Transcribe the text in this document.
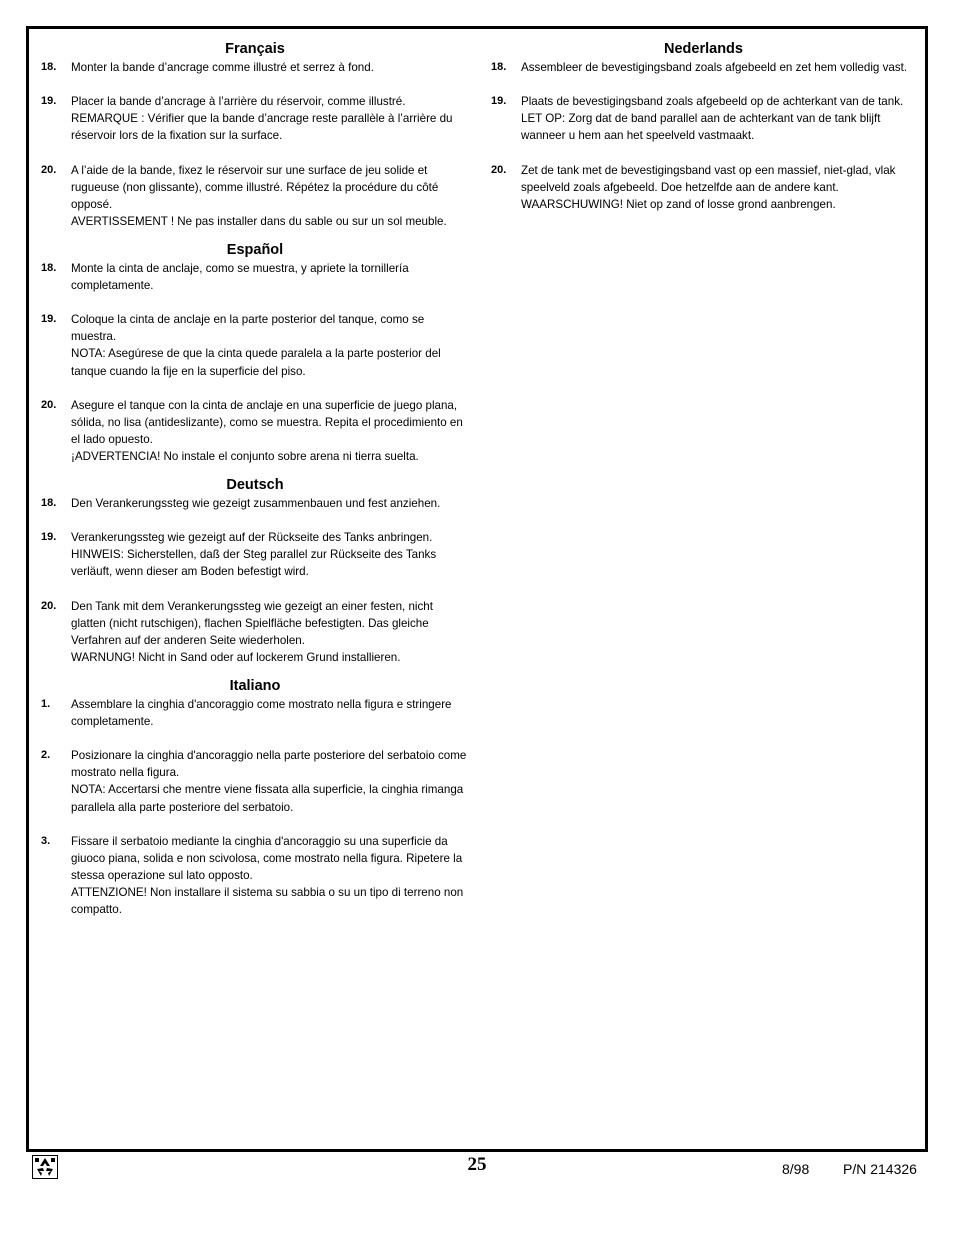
Français
18.	Monter la bande d’ancrage comme illustré et serrez à fond.

19.	Placer la bande d’ancrage à l’arrière du réservoir, comme illustré.

REMARQUE : Vérifier que la bande d’ancrage reste parallèle à l’arrière du réservoir lors de la fixation sur la surface.

20.	A l’aide de la bande, fixez le réservoir sur une surface de jeu solide et rugueuse (non glissante), comme illustré. Répétez la procédure du côté opposé.

AVERTISSEMENT ! Ne pas installer dans du sable ou sur un sol meuble.

Español
18.	Monte la cinta de anclaje, como se muestra, y apriete la tornillería completamente.

19.	Coloque la cinta de anclaje en la parte posterior del tanque, como se muestra.

NOTA: Asegúrese de que la cinta quede paralela a la parte posterior del tanque cuando la fije en la superficie del piso.

20.	Asegure el tanque con la cinta de anclaje en una superficie de juego plana, sólida, no lisa (antideslizante), como se muestra. Repita el procedimiento en el lado opuesto.

¡ADVERTENCIA! No instale el conjunto sobre arena ni tierra suelta.

Deutsch
18.	Den Verankerungssteg wie gezeigt zusammenbauen und fest anziehen.

19.	Verankerungssteg wie gezeigt auf der Rückseite des Tanks anbringen.

HINWEIS: Sicherstellen, daß der Steg parallel zur Rückseite des Tanks verläuft, wenn dieser am Boden befestigt wird.

20.	Den Tank mit dem Verankerungssteg wie gezeigt an einer festen, nicht glatten (nicht rutschigen), flachen Spielfläche befestigten. Das gleiche Verfahren auf der anderen Seite wiederholen.

WARNUNG! Nicht in Sand oder auf lockerem Grund installieren.

Italiano
1.	Assemblare la cinghia d'ancoraggio come mostrato nella figura e stringere completamente.

2.	Posizionare la cinghia d'ancoraggio nella parte posteriore del serbatoio come mostrato nella figura.

NOTA: Accertarsi che mentre viene fissata alla superficie, la cinghia rimanga parallela alla parte posteriore del serbatoio.

3.	Fissare il serbatoio mediante la cinghia d'ancoraggio su una superficie da giuoco piana, solida e non scivolosa, come mostrato nella figura. Ripetere la stessa operazione sul lato opposto.

ATTENZIONE! Non installare il sistema su sabbia o su un tipo di terreno non compatto.

Nederlands
18.	Assembleer de bevestigingsband zoals afgebeeld en zet hem volledig vast.

19.	Plaats de bevestigingsband zoals afgebeeld op de achterkant van de tank.

LET OP: Zorg dat de band parallel aan de achterkant van de tank blijft wanneer u hem aan het speelveld vastmaakt.

20.	Zet de tank met de bevestigingsband vast op een massief, niet-glad, vlak speelveld zoals afgebeeld. Doe hetzelfde aan de andere kant.

WAARSCHUWING! Niet op zand of losse grond aanbrengen.

25	8/98 P/N 214326
